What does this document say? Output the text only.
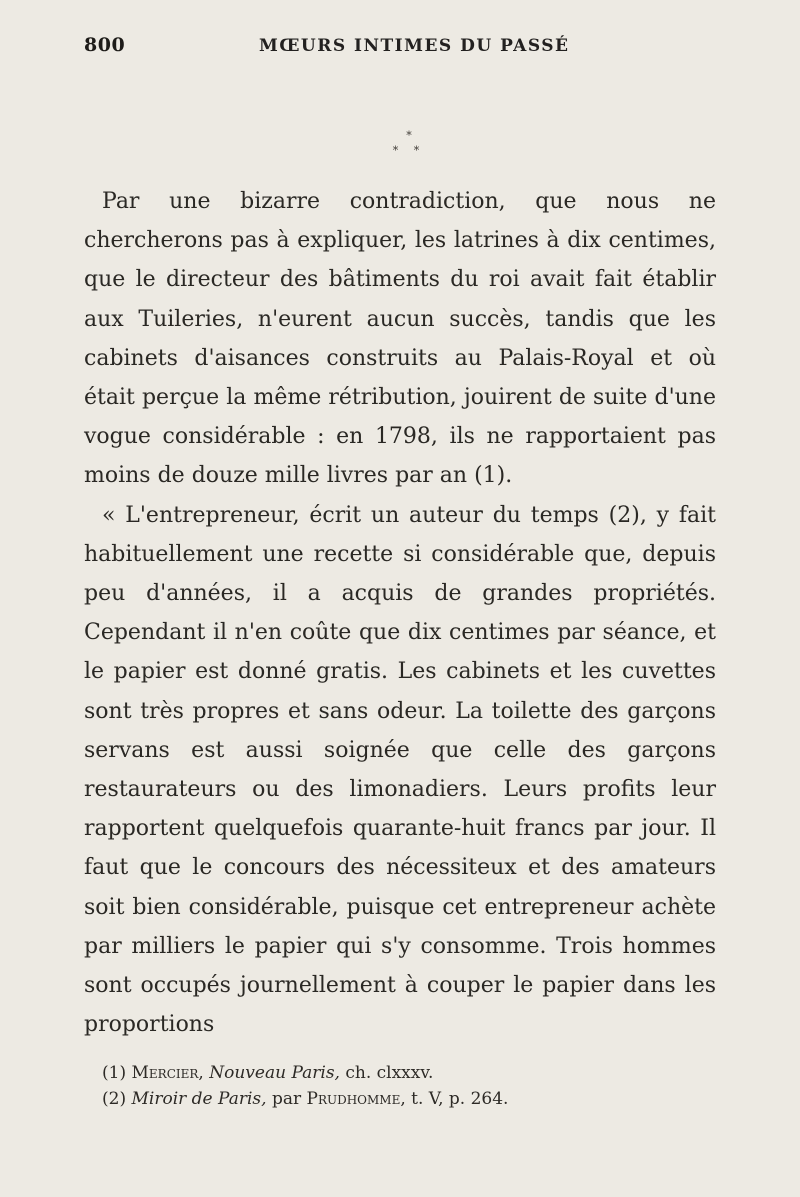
800	MŒURS INTIMES DU PASSÉ
*
* *

Par une bizarre contradiction, que nous ne chercherons pas à expliquer, les latrines à dix centimes, que le directeur des bâtiments du roi avait fait établir aux Tuileries, n'eurent aucun succès, tandis que les cabinets d'aisances construits au Palais-Royal et où était perçue la même rétribution, jouirent de suite d'une vogue considérable : en 1798, ils ne rapportaient pas moins de douze mille livres par an (1).

« L'entrepreneur, écrit un auteur du temps (2), y fait habituellement une recette si considérable que, depuis peu d'années, il a acquis de grandes propriétés. Cependant il n'en coûte que dix centimes par séance, et le papier est donné gratis. Les cabinets et les cuvettes sont très propres et sans odeur. La toilette des garçons servans est aussi soignée que celle des garçons restaurateurs ou des limonadiers. Leurs profits leur rapportent quelquefois quarante-huit francs par jour. Il faut que le concours des nécessiteux et des amateurs soit bien considérable, puisque cet entrepreneur achète par milliers le papier qui s'y consomme. Trois hommes sont occupés journellement à couper le papier dans les proportions

(1) Mercier, Nouveau Paris, ch. clxxxv.
(2) Miroir de Paris, par Prudhomme, t. V, p. 264.
